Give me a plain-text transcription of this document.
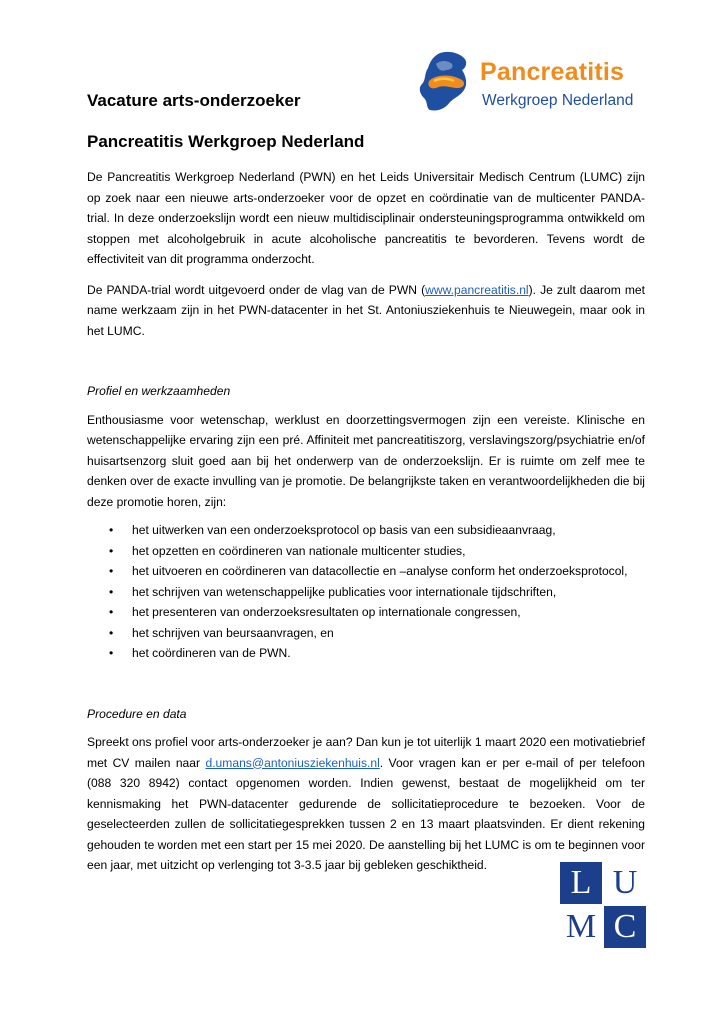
Pancreatitis
Werkgroep Nederland
Vacature arts-onderzoeker
Pancreatitis Werkgroep Nederland

De Pancreatitis Werkgroep Nederland (PWN) en het Leids Universitair Medisch Centrum (LUMC) zijn op zoek naar een nieuwe arts-onderzoeker voor de opzet en coördinatie van de multicenter PANDA-trial. In deze onderzoekslijn wordt een nieuw multidisciplinair ondersteuningsprogramma ontwikkeld om stoppen met alcoholgebruik in acute alcoholische pancreatitis te bevorderen. Tevens wordt de effectiviteit van dit programma onderzocht.

De PANDA-trial wordt uitgevoerd onder de vlag van de PWN (www.pancreatitis.nl). Je zult daarom met name werkzaam zijn in het PWN-datacenter in het St. Antoniusziekenhuis te Nieuwegein, maar ook in het LUMC.

Profiel en werkzaamheden

Enthousiasme voor wetenschap, werklust en doorzettingsvermogen zijn een vereiste. Klinische en wetenschappelijke ervaring zijn een pré. Affiniteit met pancreatitiszorg, verslavingszorg/psychiatrie en/of huisartsenzorg sluit goed aan bij het onderwerp van de onderzoekslijn. Er is ruimte om zelf mee te denken over de exacte invulling van je promotie. De belangrijkste taken en verantwoordelijkheden die bij deze promotie horen, zijn:

• het uitwerken van een onderzoeksprotocol op basis van een subsidieaanvraag,
• het opzetten en coördineren van nationale multicenter studies,
• het uitvoeren en coördineren van datacollectie en –analyse conform het onderzoeksprotocol,
• het schrijven van wetenschappelijke publicaties voor internationale tijdschriften,
• het presenteren van onderzoeksresultaten op internationale congressen,
• het schrijven van beursaanvragen, en
• het coördineren van de PWN.

Procedure en data

Spreekt ons profiel voor arts-onderzoeker je aan? Dan kun je tot uiterlijk 1 maart 2020 een motivatiebrief met CV mailen naar d.umans@antoniusziekenhuis.nl. Voor vragen kan er per e-mail of per telefoon (088 320 8942) contact opgenomen worden. Indien gewenst, bestaat de mogelijkheid om ter kennismaking het PWN-datacenter gedurende de sollicitatieprocedure te bezoeken. Voor de geselecteerden zullen de sollicitatiegesprekken tussen 2 en 13 maart plaatsvinden. Er dient rekening gehouden te worden met een start per 15 mei 2020. De aanstelling bij het LUMC is om te beginnen voor een jaar, met uitzicht op verlenging tot 3-3.5 jaar bij gebleken geschiktheid.	L U
M C
